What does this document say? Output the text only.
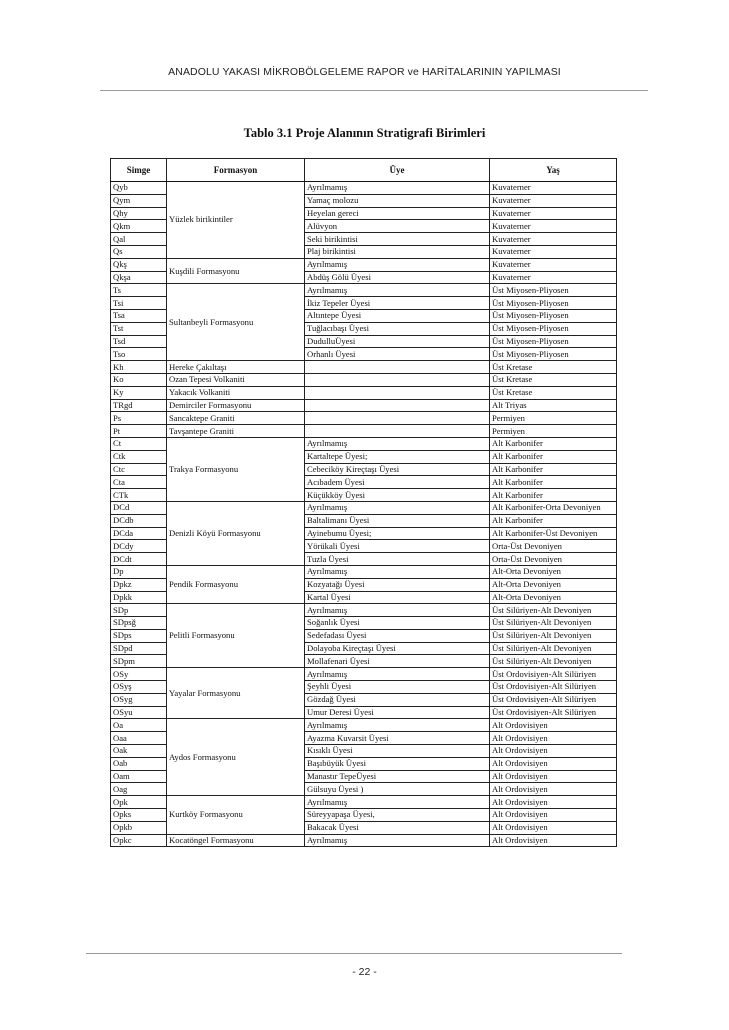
ANADOLU YAKASI MİKROBÖLGELEME RAPOR ve HARİTALARININ YAPILMASI
Tablo 3.1 Proje Alanının Stratigrafi Birimleri
Simge	Formasyon	Üye	Yaş
Qyb	Yüzlek birikintiler	Ayrılmamış	Kuvaterner
Qym		Yamaç molozu	Kuvaterner
Qhy		Heyelan gereci	Kuvaterner
Qkm		Alüvyon	Kuvaterner
Qal		Seki birikintisi	Kuvaterner
Qs		Plaj birikintisi	Kuvaterner
Qkş	Kuşdili Formasyonu	Ayrılmamış	Kuvaterner
Qkşa		Abdüş Gölü Üyesi	Kuvaterner
Ts	Sultanbeyli Formasyonu	Ayrılmamış	Üst Miyosen-Pliyosen
Tsi		İkiz Tepeler Üyesi	Üst Miyosen-Pliyosen
Tsa		Altıntepe Üyesi	Üst Miyosen-Pliyosen
Tst		Tuğlacıbaşı Üyesi	Üst Miyosen-Pliyosen
Tsd		DudulluÜyesi	Üst Miyosen-Pliyosen
Tso		Orhanlı Üyesi	Üst Miyosen-Pliyosen
Kh	Hereke Çakıltaşı		Üst Kretase
Ko	Ozan Tepesi Volkaniti		Üst Kretase
Ky	Yakacık Volkaniti		Üst Kretase
TRgd	Demirciler Formasyonu		Alt Triyas
Ps	Sancaktepe Graniti		Permiyen
Pt	Tavşantepe Graniti		Permiyen
Ct	Trakya Formasyonu	Ayrılmamış	Alt Karbonifer
Ctk		Kartaltepe Üyesi;	Alt Karbonifer
Ctc		Cebeciköy Kireçtaşı Üyesi	Alt Karbonifer
Cta		Acıbadem Üyesi	Alt Karbonifer
CTk		Küçükköy Üyesi	Alt Karbonifer
DCd	Denizli Köyü Formasyonu	Ayrılmamış	Alt Karbonifer-Orta Devoniyen
DCdb		Baltalimanı Üyesi	Alt Karbonifer
DCda		Ayinebumu Üyesi;	Alt Karbonifer-Üst Devoniyen
DCdy		Yörükali Üyesi	Orta-Üst Devoniyen
DCdt		Tuzla Üyesi	Orta-Üst Devoniyen
Dp	Pendik Formasyonu	Ayrılmamış	Alt-Orta Devoniyen
Dpkz		Kozyatağı Üyesi	Alt-Orta Devoniyen
Dpkk		Kartal Üyesi	Alt-Orta Devoniyen
SDp	Pelitli Formasyonu	Ayrılmamış	Üst Silüriyen-Alt Devoniyen
SDpsğ		Soğanlık Üyesi	Üst Silüriyen-Alt Devoniyen
SDps		Sedefadası Üyesi	Üst Silüriyen-Alt Devoniyen
SDpd		Dolayoba Kireçtaşı Üyesi	Üst Silüriyen-Alt Devoniyen
SDpm		Mollafenari Üyesi	Üst Silüriyen-Alt Devoniyen
OSy	Yayalar Formasyonu	Ayrılmamış	Üst Ordovisiyen-Alt Silüriyen
OSyş		Şeyhli Üyesi	Üst Ordovisiyen-Alt Silüriyen
OSyg		Gözdağ Üyesi	Üst Ordovisiyen-Alt Silüriyen
OSyu		Umur Deresi Üyesi	Üst Ordovisiyen-Alt Silüriyen
Oa	Aydos Formasyonu	Ayrılmamış	Alt Ordovisiyen
Oaa		Ayazma Kuvarsit Üyesi	Alt Ordovisiyen
Oak		Kısıklı Üyesi	Alt Ordovisiyen
Oab		Başıbüyük Üyesi	Alt Ordovisiyen
Oam		Manastır TepeÜyesi	Alt Ordovisiyen
Oag		Gülsuyu Üyesi )	Alt Ordovisiyen
Opk	Kurtköy Formasyonu	Ayrılmamış	Alt Ordovisiyen
Opks		Süreyyapaşa Üyesi,	Alt Ordovisiyen
Opkb		Bakacak Üyesi	Alt Ordovisiyen
Opkc	Kocatöngel Formasyonu	Ayrılmamış	Alt Ordovisiyen
- 22 -
